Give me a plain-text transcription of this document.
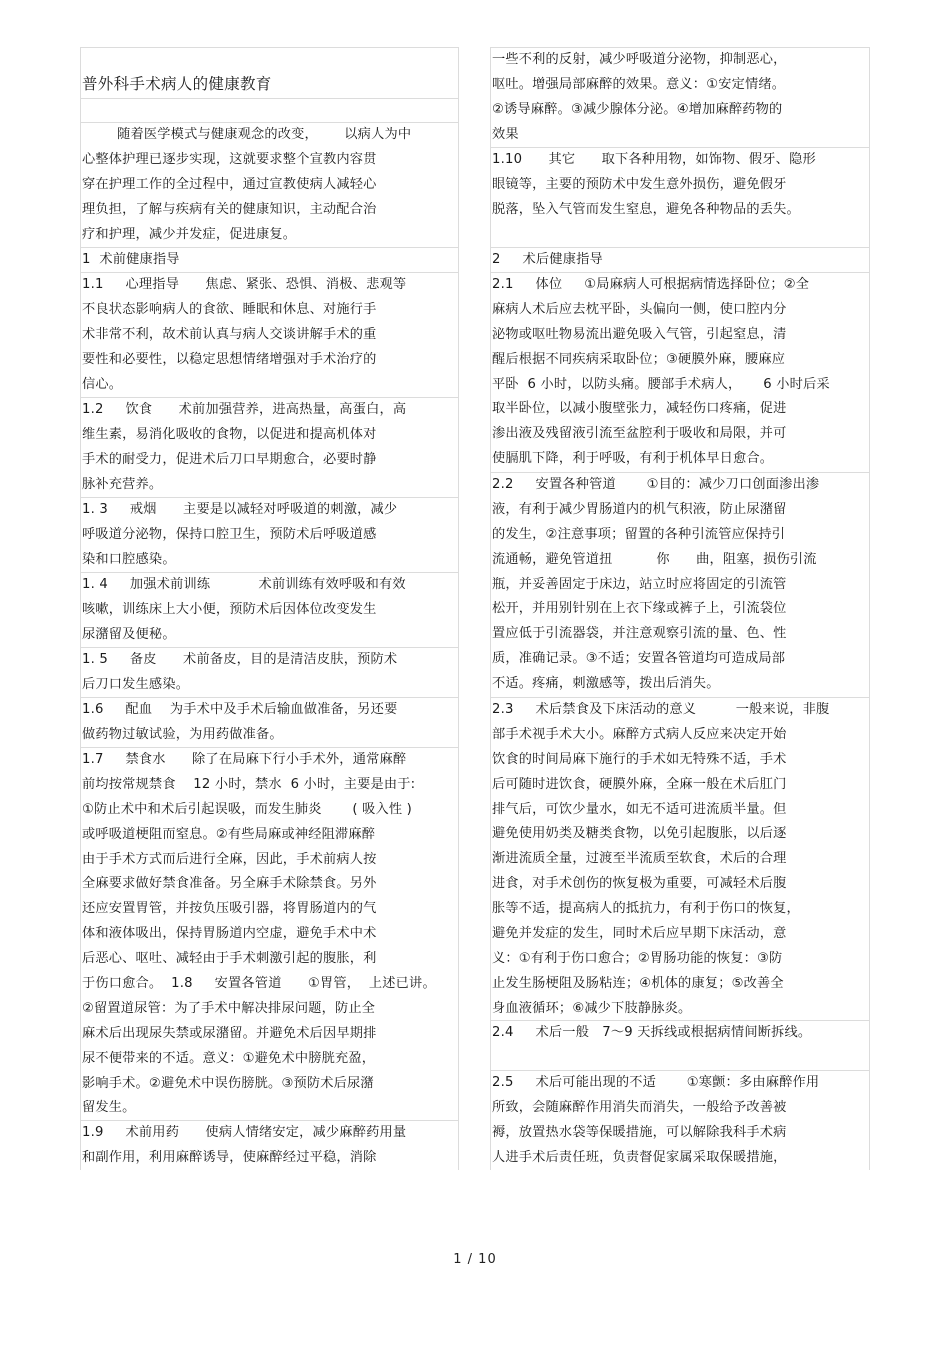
普外科手术病人的健康教育
随着医学模式与健康观念的改变，      以病人为中
心整体护理已逐步实现，这就要求整个宣教内容贯
穿在护理工作的全过程中，通过宣教使病人减轻心
理负担，了解与疾病有关的健康知识，主动配合治
疗和护理，减少并发症，促进康复。
1  术前健康指导
1.1     心理指导      焦虑、紧张、恐惧、消极、悲观等
不良状态影响病人的食欲、睡眠和休息、对施行手
术非常不利，故术前认真与病人交谈讲解手术的重
要性和必要性，以稳定思想情绪增强对手术治疗的
信心。
1.2     饮食      术前加强营养，进高热量，高蛋白，高
维生素，易消化吸收的食物，以促进和提高机体对
手术的耐受力，促进术后刀口早期愈合，必要时静
脉补充营养。
1. 3     戒烟      主要是以减轻对呼吸道的刺激，减少
呼吸道分泌物，保持口腔卫生，预防术后呼吸道感
染和口腔感染。
1. 4     加强术前训练           术前训练有效呼吸和有效
咳嗽，训练床上大小便，预防术后因体位改变发生
尿潴留及便秘。
1. 5     备皮      术前备皮，目的是清洁皮肤，预防术
后刀口发生感染。
1.6     配血    为手术中及手术后输血做准备，另还要
做药物过敏试验，为用药做准备。
1.7     禁食水      除了在局麻下行小手术外，通常麻醉
前均按常规禁食    12 小时，禁水  6 小时，主要是由于:
①防止术中和术后引起误吸，而发生肺炎       ( 吸入性 )
或呼吸道梗阻而窒息。②有些局麻或神经阻滞麻醉
由于手术方式而后进行全麻，因此，手术前病人按
全麻要求做好禁食准备。另全麻手术除禁食。另外
还应安置胃管，并按负压吸引器，将胃肠道内的气
体和液体吸出，保持胃肠道内空虚，避免手术中术
后恶心、呕吐、减轻由于手术刺激引起的腹胀，利
于伤口愈合。  1.8     安置各管道      ①胃管，  上述已讲。
②留置道尿管：为了手术中解决排尿问题，防止全
麻术后出现尿失禁或尿潴留。并避免术后因早期排
尿不便带来的不适。意义：①避免术中膀胱充盈，
影响手术。②避免术中误伤膀胱。③预防术后尿潴
留发生。
1.9     术前用药      使病人情绪安定，减少麻醉药用量
和副作用，利用麻醉诱导，使麻醉经过平稳，消除
一些不利的反射，减少呼吸道分泌物，抑制恶心，
呕吐。增强局部麻醉的效果。意义：①安定情绪。
②诱导麻醉。③减少腺体分泌。④增加麻醉药物的
效果
1.10      其它      取下各种用物，如饰物、假牙、隐形
眼镜等，主要的预防术中发生意外损伤，避免假牙
脱落，坠入气管而发生窒息，避免各种物品的丢失。
2     术后健康指导
2.1     体位     ①局麻病人可根据病情选择卧位；②全
麻病人术后应去枕平卧，头偏向一侧，使口腔内分
泌物或呕吐物易流出避免吸入气管，引起窒息，清
醒后根据不同疾病采取卧位；③硬膜外麻，腰麻应
平卧  6 小时，以防头痛。腰部手术病人，     6 小时后采
取半卧位，以减小腹壁张力，减轻伤口疼痛，促进
渗出液及残留液引流至盆腔利于吸收和局限，并可
使膈肌下降，利于呼吸，有利于机体早日愈合。
2.2     安置各种管道       ①目的：减少刀口创面渗出渗
液，有利于减少胃肠道内的机气积液，防止尿潴留
的发生，②注意事项；留置的各种引流管应保持引
流通畅，避免管道扭          你      曲，阻塞，损伤引流
瓶，并妥善固定于床边，站立时应将固定的引流管
松开，并用别针别在上衣下缘或裤子上，引流袋位
置应低于引流器袋，并注意观察引流的量、色、性
质，准确记录。③不适；安置各管道均可造成局部
不适。疼痛，刺激感等，拨出后消失。
2.3     术后禁食及下床活动的意义         一般来说，非腹
部手术视手术大小。麻醉方式病人反应来决定开始
饮食的时间局麻下施行的手术如无特殊不适，手术
后可随时进饮食，硬膜外麻，全麻一般在术后肛门
排气后，可饮少量水，如无不适可进流质半量。但
避免使用奶类及糖类食物，以免引起腹胀，以后逐
渐进流质全量，过渡至半流质至软食，术后的合理
进食，对手术创伤的恢复极为重要，可减轻术后腹
胀等不适，提高病人的抵抗力，有利于伤口的恢复，
避免并发症的发生，同时术后应早期下床活动，意
义：①有利于伤口愈合；②胃肠功能的恢复：③防
止发生肠梗阻及肠粘连；④机体的康复；⑤改善全
身血液循环；⑥减少下肢静脉炎。
2.4     术后一般   7～9 天拆线或根据病情间断拆线。
2.5     术后可能出现的不适       ①寒颤：多由麻醉作用
所致，会随麻醉作用消失而消失，一般给予改善被
褥，放置热水袋等保暖措施，可以解除我科手术病
人进手术后责任班，负责督促家属采取保暖措施，
1 / 10
